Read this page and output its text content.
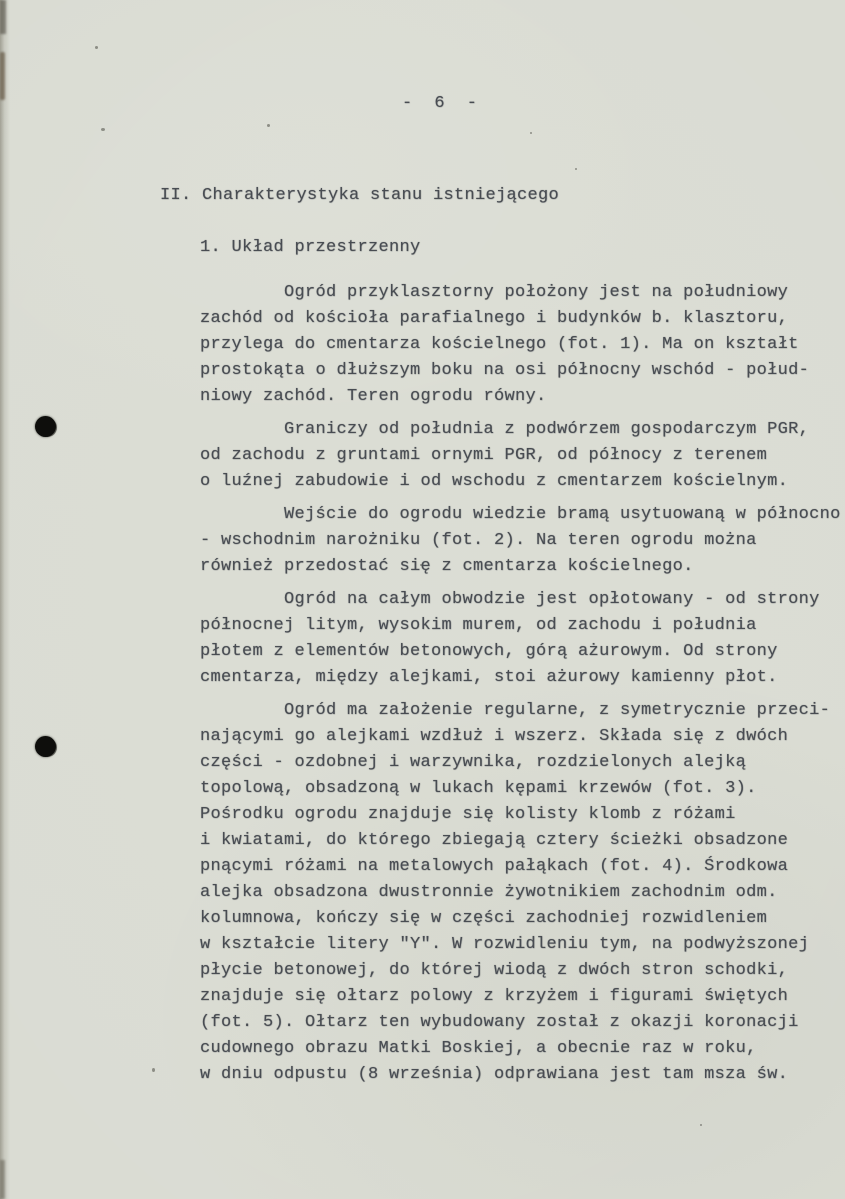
- 6 -
II. Charakterystyka stanu istniejącego
1. Układ przestrzenny
Ogród przyklasztorny położony jest na południowy
zachód od kościoła parafialnego i budynków b. klasztoru,
przylega do cmentarza kościelnego (fot. 1). Ma on kształt
prostokąta o dłuższym boku na osi północny wschód - połud-
niowy zachód. Teren ogrodu równy.
Graniczy od południa z podwórzem gospodarczym PGR,
od zachodu z gruntami ornymi PGR, od północy z terenem
o luźnej zabudowie i od wschodu z cmentarzem kościelnym.
Wejście do ogrodu wiedzie bramą usytuowaną w północno
- wschodnim narożniku (fot. 2). Na teren ogrodu można
również przedostać się z cmentarza kościelnego.
Ogród na całym obwodzie jest opłotowany - od strony
północnej litym, wysokim murem, od zachodu i południa
płotem z elementów betonowych, górą ażurowym. Od strony
cmentarza, między alejkami, stoi ażurowy kamienny płot.
Ogród ma założenie regularne, z symetrycznie przeci-
nającymi go alejkami wzdłuż i wszerz. Składa się z dwóch
części - ozdobnej i warzywnika, rozdzielonych alejką
topolową, obsadzoną w lukach kępami krzewów (fot. 3).
Pośrodku ogrodu znajduje się kolisty klomb z różami
i kwiatami, do którego zbiegają cztery ścieżki obsadzone
pnącymi różami na metalowych pałąkach (fot. 4). Środkowa
alejka obsadzona dwustronnie żywotnikiem zachodnim odm.
kolumnowa, kończy się w części zachodniej rozwidleniem
w kształcie litery "Y". W rozwidleniu tym, na podwyższonej
płycie betonowej, do której wiodą z dwóch stron schodki,
znajduje się ołtarz polowy z krzyżem i figurami świętych
(fot. 5). Ołtarz ten wybudowany został z okazji koronacji
cudownego obrazu Matki Boskiej, a obecnie raz w roku,
w dniu odpustu (8 września) odprawiana jest tam msza św.
